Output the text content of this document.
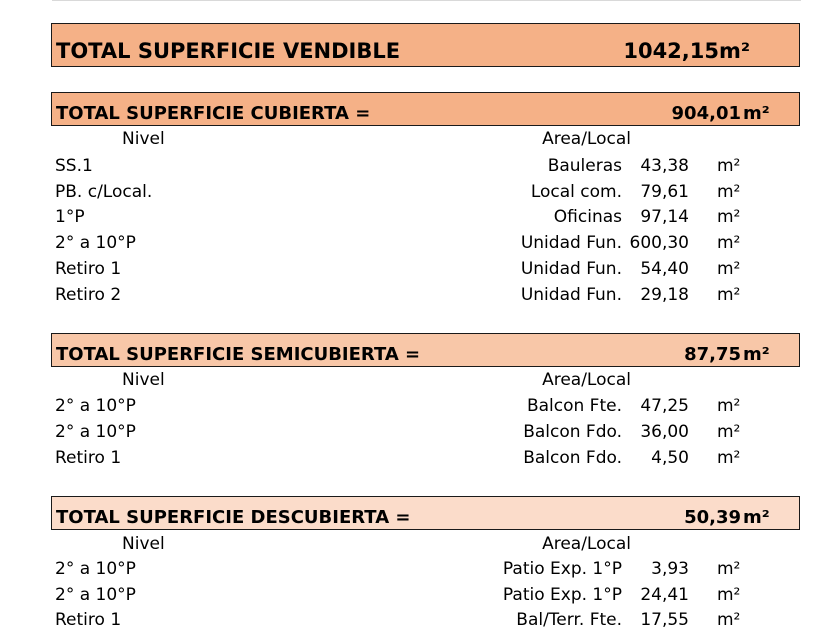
TOTAL SUPERFICIE VENDIBLE	1042,15 m²
TOTAL SUPERFICIE CUBIERTA =	904,01 m²
Nivel	Area/Local
SS.1	Bauleras 43,38 m²
PB. c/Local.	Local com. 79,61 m²
1°P	Oficinas 97,14 m²
2° a 10°P	Unidad Fun. 600,30 m²
Retiro 1	Unidad Fun. 54,40 m²
Retiro 2	Unidad Fun. 29,18 m²
TOTAL SUPERFICIE SEMICUBIERTA =	87,75 m²
Nivel	Area/Local
2° a 10°P	Balcon Fte. 47,25 m²
2° a 10°P	Balcon Fdo. 36,00 m²
Retiro 1	Balcon Fdo. 4,50 m²
TOTAL SUPERFICIE DESCUBIERTA =	50,39 m²
Nivel	Area/Local
2° a 10°P	Patio Exp. 1°P 3,93 m²
2° a 10°P	Patio Exp. 1°P 24,41 m²
Retiro 1	Bal/Terr. Fte. 17,55 m²
